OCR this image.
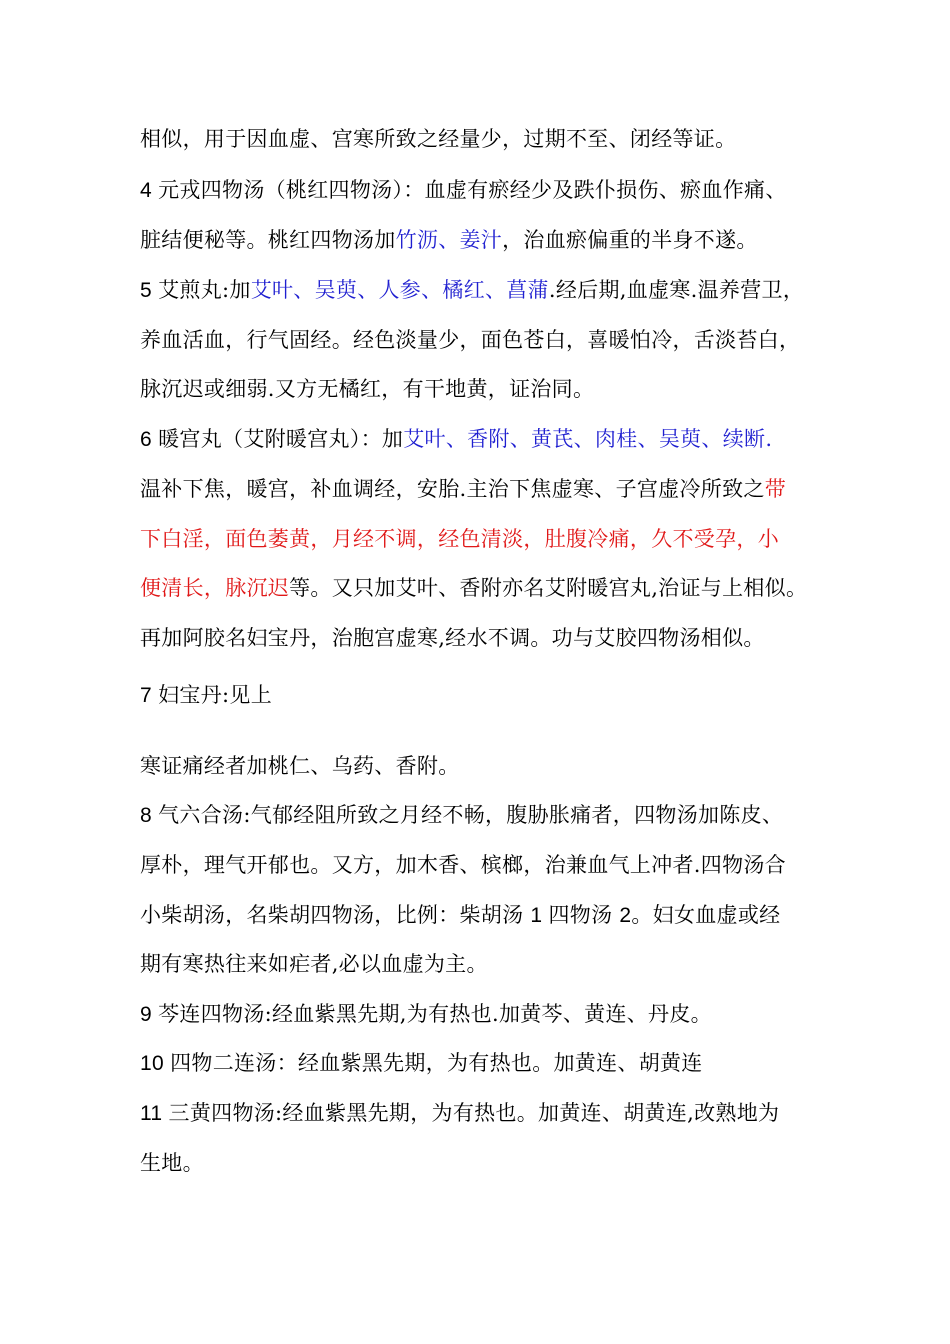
相似，用于因血虚、宫寒所致之经量少，过期不至、闭经等证。
4 元戎四物汤（桃红四物汤）：血虚有瘀经少及跌仆损伤、瘀血作痛、
脏结便秘等。桃红四物汤加竹沥、姜汁，治血瘀偏重的半身不遂。
5 艾煎丸:加艾叶、吴萸、人参、橘红、菖蒲.经后期,血虚寒.温养营卫，
养血活血，行气固经。经色淡量少，面色苍白，喜暖怕冷，舌淡苔白，
脉沉迟或细弱.又方无橘红，有干地黄，证治同。
6 暖宫丸（艾附暖宫丸）：加艾叶、香附、黄芪、肉桂、吴萸、续断.
温补下焦，暖宫，补血调经，安胎.主治下焦虚寒、子宫虚冷所致之带
下白淫，面色萎黄，月经不调，经色清淡，肚腹冷痛，久不受孕，小
便清长，脉沉迟等。又只加艾叶、香附亦名艾附暖宫丸,治证与上相似。
再加阿胶名妇宝丹，治胞宫虚寒,经水不调。功与艾胶四物汤相似。
7 妇宝丹:见上
寒证痛经者加桃仁、乌药、香附。
8 气六合汤:气郁经阻所致之月经不畅，腹胁胀痛者，四物汤加陈皮、
厚朴，理气开郁也。又方，加木香、槟榔，治兼血气上冲者.四物汤合
小柴胡汤，名柴胡四物汤，比例：柴胡汤 1 四物汤 2。妇女血虚或经
期有寒热往来如疟者,必以血虚为主。
9 芩连四物汤:经血紫黑先期,为有热也.加黄芩、黄连、丹皮。
10 四物二连汤：经血紫黑先期，为有热也。加黄连、胡黄连
11 三黄四物汤:经血紫黑先期，为有热也。加黄连、胡黄连,改熟地为
生地。
